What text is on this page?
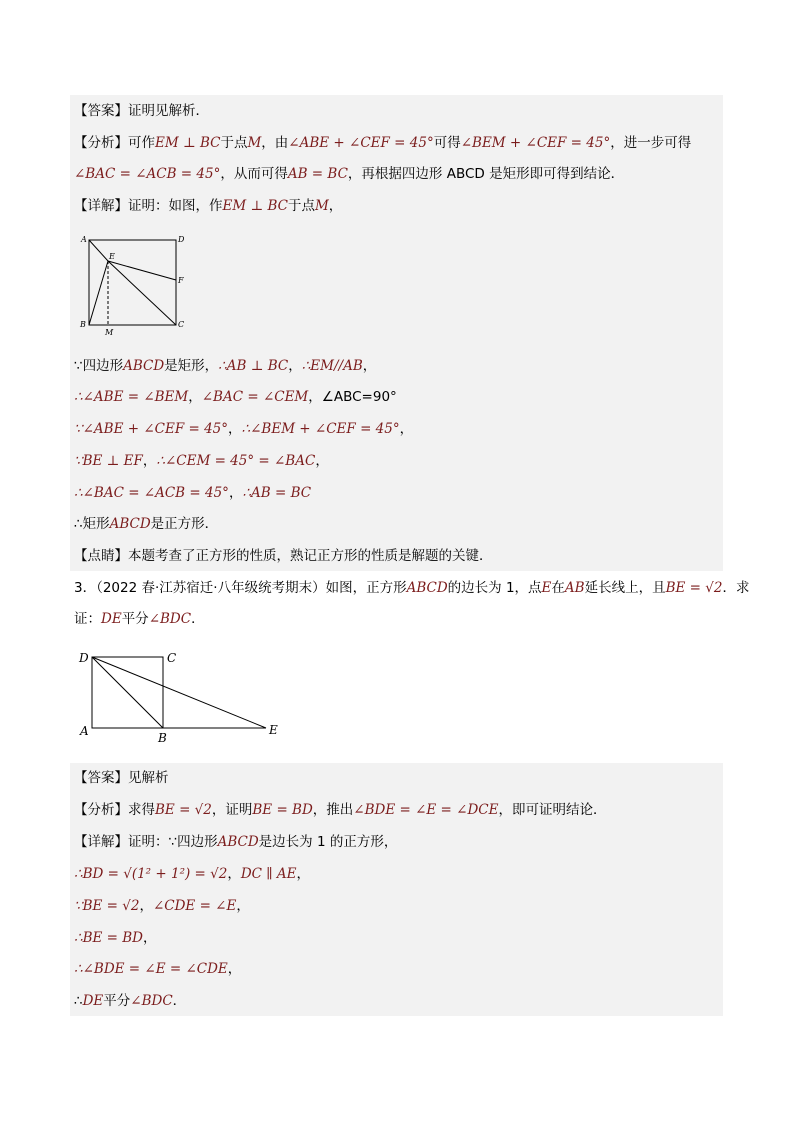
【答案】证明见解析．
【分析】可作EM ⊥ BC于点M，由∠ABE + ∠CEF = 45°可得∠BEM + ∠CEF = 45°，进一步可得
∠BAC = ∠ACB = 45°，从而可得AB = BC，再根据四边形 ABCD 是矩形即可得到结论．
【详解】证明：如图，作EM ⊥ BC于点M，
A	D
E
F
B
M
C
∵四边形ABCD是矩形，∴AB ⊥ BC，∴EM//AB，
∴∠ABE = ∠BEM，∠BAC = ∠CEM，∠ABC=90°
∵∠ABE + ∠CEF = 45°，∴∠BEM + ∠CEF = 45°，
∵BE ⊥ EF，∴∠CEM = 45° = ∠BAC，
∴∠BAC = ∠ACB = 45°，∴AB = BC
∴矩形ABCD是正方形．
【点睛】本题考查了正方形的性质，熟记正方形的性质是解题的关键．
3．（2022 春·江苏宿迁·八年级统考期末）如图，正方形ABCD的边长为 1，点E在AB延长线上，且BE = √2．求
证：DE平分∠BDC．
D	C
A	B
E
【答案】见解析
【分析】求得BE = √2，证明BE = BD，推出∠BDE = ∠E = ∠DCE，即可证明结论．
【详解】证明：∵四边形ABCD是边长为 1 的正方形，
∴BD = √(1² + 1²) = √2，DC ∥ AE，
∵BE = √2，∠CDE = ∠E，
∴BE = BD，
∴∠BDE = ∠E = ∠CDE，
∴DE平分∠BDC．
